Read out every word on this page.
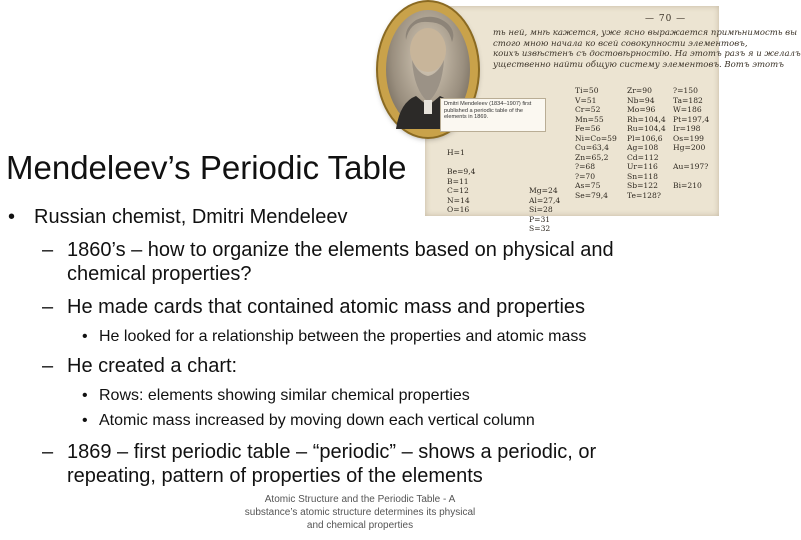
— 70 —
ть ней, мнѣ кажется, уже ясно выражается примѣнимость вы
стого мною начала ко всей совокупности элементовъ,
коихъ извѣстенъ съ достовѣрностію. На этотъ разъ я и желалъ
ущественно найти общую систему элементовъ. Вотъ этотъ
Ti=50
V=51
Cr=52
Mn=55
Fe=56
Ni=Co=59
Cu=63,4
Zn=65,2
?=68
?=70
As=75
Se=79,4
Zr=90
Nb=94
Mo=96
Rh=104,4
Ru=104,4
Pl=106,6
Ag=108
Cd=112
Ur=116
Sn=118
Sb=122
Te=128?
?=150
Ta=182
W=186
Pt=197,4
Ir=198
Os=199
Hg=200

Au=197?

Bi=210
H=1

Be=9,4
B=11
C=12
N=14
O=16

Mg=24
Al=27,4
Si=28
P=31
S=32
Dmitri Mendeleev (1834–1907) first published a periodic table of the elements in 1869.
Mendeleev’s Periodic Table
• Russian chemist, Dmitri Mendeleev
– 1860’s – how to organize the elements based on physical and chemical properties?
– He made cards that contained atomic mass and properties
• He looked for a relationship between the properties and atomic mass
– He created a chart:
• Rows: elements showing similar chemical properties
• Atomic mass increased by moving down each vertical column
– 1869 – first periodic table – “periodic” – shows a periodic, or repeating, pattern of properties of the elements
Atomic Structure and the Periodic Table - A substance’s atomic structure determines its physical and chemical properties
